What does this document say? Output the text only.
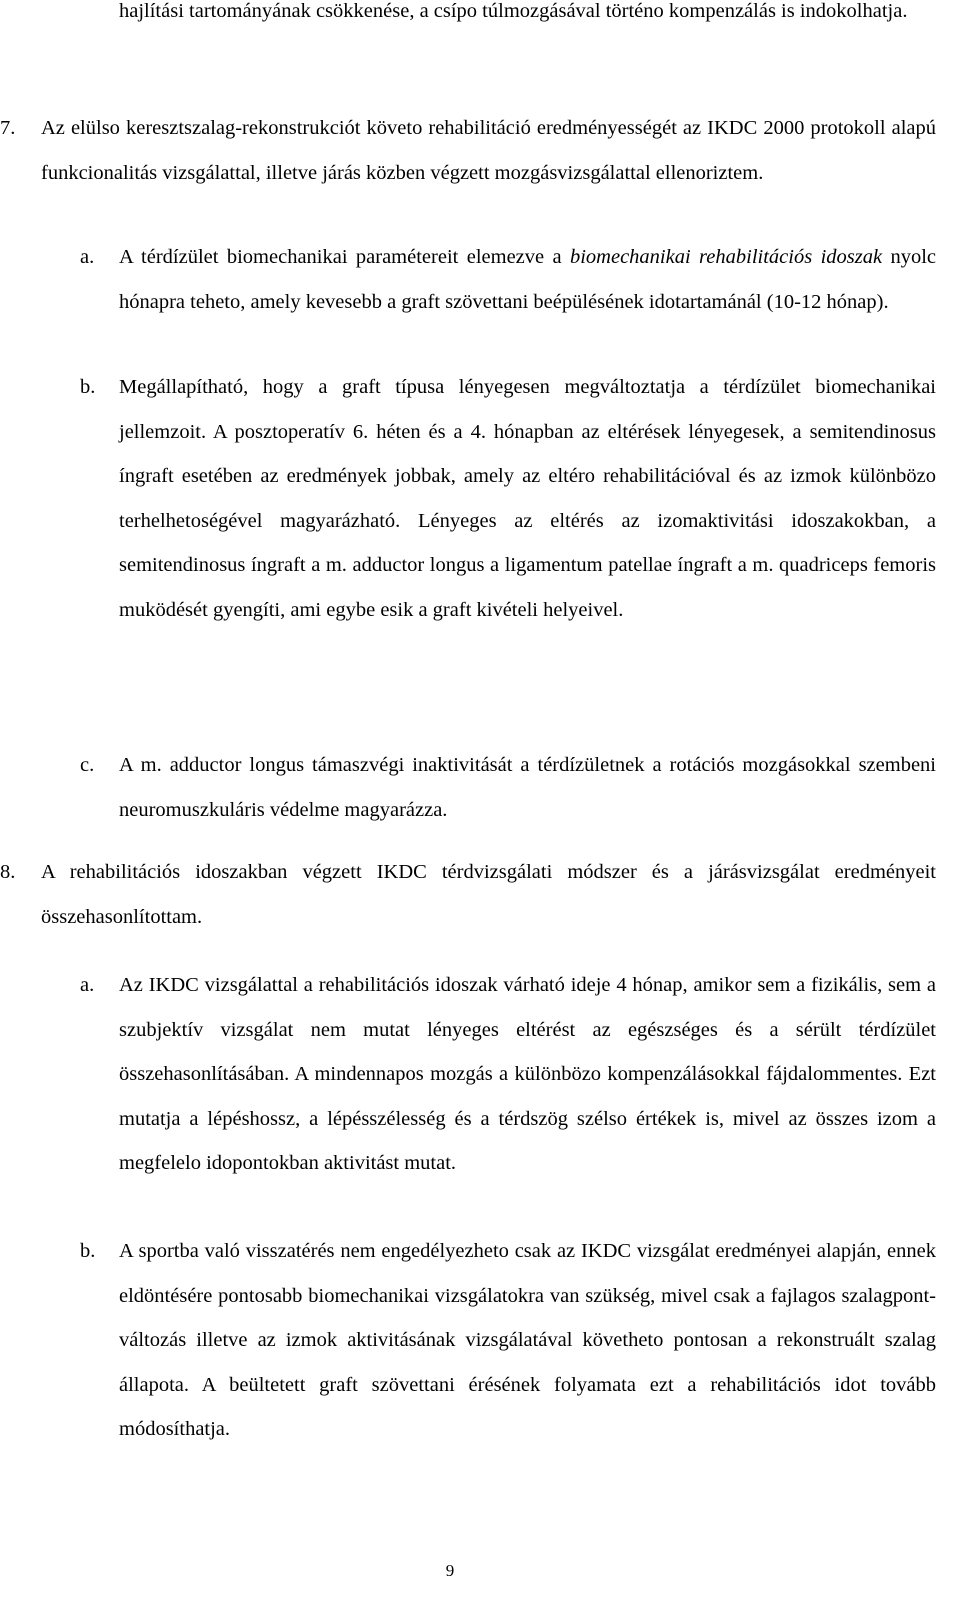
hajlítási tartományának csökkenése, a csípo túlmozgásával történo kompenzálás is indokolhatja.

7. Az elülso keresztszalag-rekonstrukciót követo rehabilitáció eredményességét az IKDC 2000 protokoll alapú funkcionalitás vizsgálattal, illetve járás közben végzett mozgásvizsgálattal ellenoriztem.
a. A térdízület biomechanikai paramétereit elemezve a biomechanikai rehabilitációs idoszak nyolc hónapra teheto, amely kevesebb a graft szövettani beépülésének idotartamánál (10-12 hónap).
b. Megállapítható, hogy a graft típusa lényegesen megváltoztatja a térdízület biomechanikai jellemzoit. A posztoperatív 6. héten és a 4. hónapban az eltérések lényegesek, a semitendinosus íngraft esetében az eredmények jobbak, amely az eltéro rehabilitációval és az izmok különbözo terhelhetoségével magyarázható. Lényeges az eltérés az izomaktivitási idoszakokban, a semitendinosus íngraft a m. adductor longus a ligamentum patellae íngraft a m. quadriceps femoris muködését gyengíti, ami egybe esik a graft kivételi helyeivel.
c. A m. adductor longus támaszvégi inaktivitását a térdízületnek a rotációs mozgásokkal szembeni neuromuszkuláris védelme magyarázza.
8. A rehabilitációs idoszakban végzett IKDC térdvizsgálati módszer és a járásvizsgálat eredményeit összehasonlítottam.
a. Az IKDC vizsgálattal a rehabilitációs idoszak várható ideje 4 hónap, amikor sem a fizikális, sem a szubjektív vizsgálat nem mutat lényeges eltérést az egészséges és a sérült térdízület összehasonlításában. A mindennapos mozgás a különbözo kompenzálásokkal fájdalommentes. Ezt mutatja a lépéshossz, a lépésszélesség és a térdszög szélso értékek is, mivel az összes izom a megfelelo idopontokban aktivitást mutat.
b. A sportba való visszatérés nem engedélyezheto csak az IKDC vizsgálat eredményei alapján, ennek eldöntésére pontosabb biomechanikai vizsgálatokra van szükség, mivel csak a fajlagos szalagpont-változás illetve az izmok aktivitásának vizsgálatával követheto pontosan a rekonstruált szalag állapota. A beültetett graft szövettani érésének folyamata ezt a rehabilitációs idot tovább módosíthatja.
9
